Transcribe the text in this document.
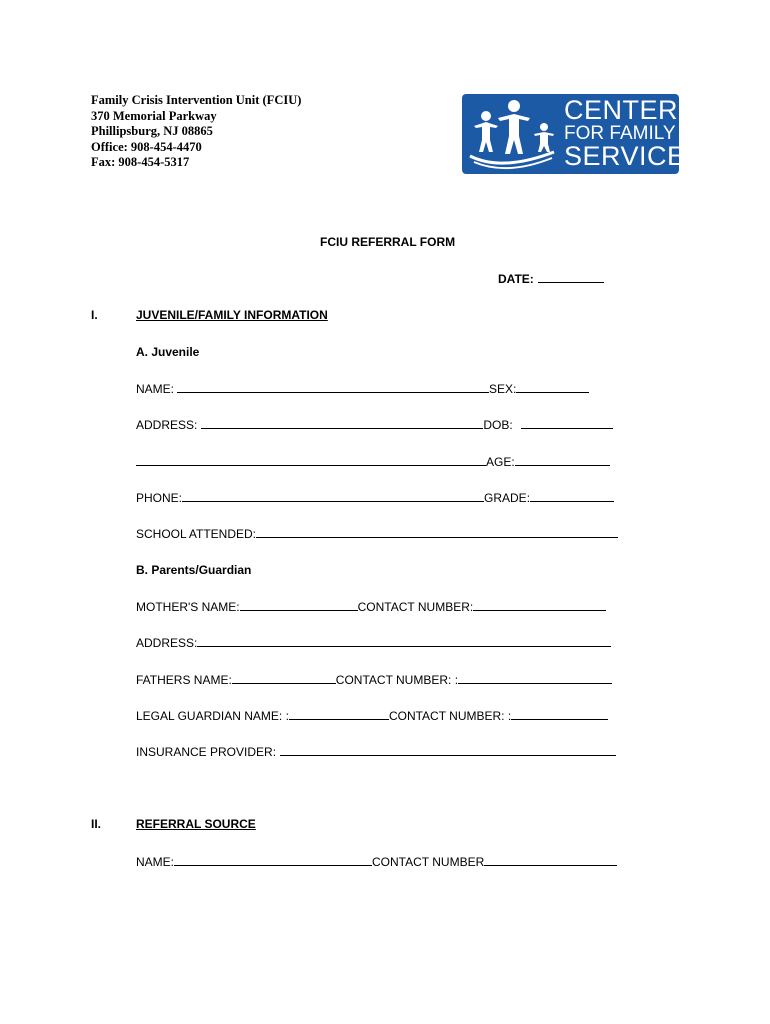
Family Crisis Intervention Unit (FCIU)
370 Memorial Parkway
Phillipsburg, NJ 08865
Office: 908-454-4470
Fax: 908-454-5317
CENTER
FOR FAMILY
SERVICES
FCIU REFERRAL FORM
DATE:
I.	JUVENILE/FAMILY INFORMATION
A. Juvenile
NAME:	SEX:
ADDRESS:	DOB:
AGE:
PHONE:	GRADE:
SCHOOL ATTENDED:
B. Parents/Guardian
MOTHER'S NAME:	CONTACT NUMBER:
ADDRESS:
FATHERS NAME:	CONTACT NUMBER: :
LEGAL GUARDIAN NAME: :	CONTACT NUMBER: :
INSURANCE PROVIDER:
II.	REFERRAL SOURCE
NAME:	CONTACT NUMBER
